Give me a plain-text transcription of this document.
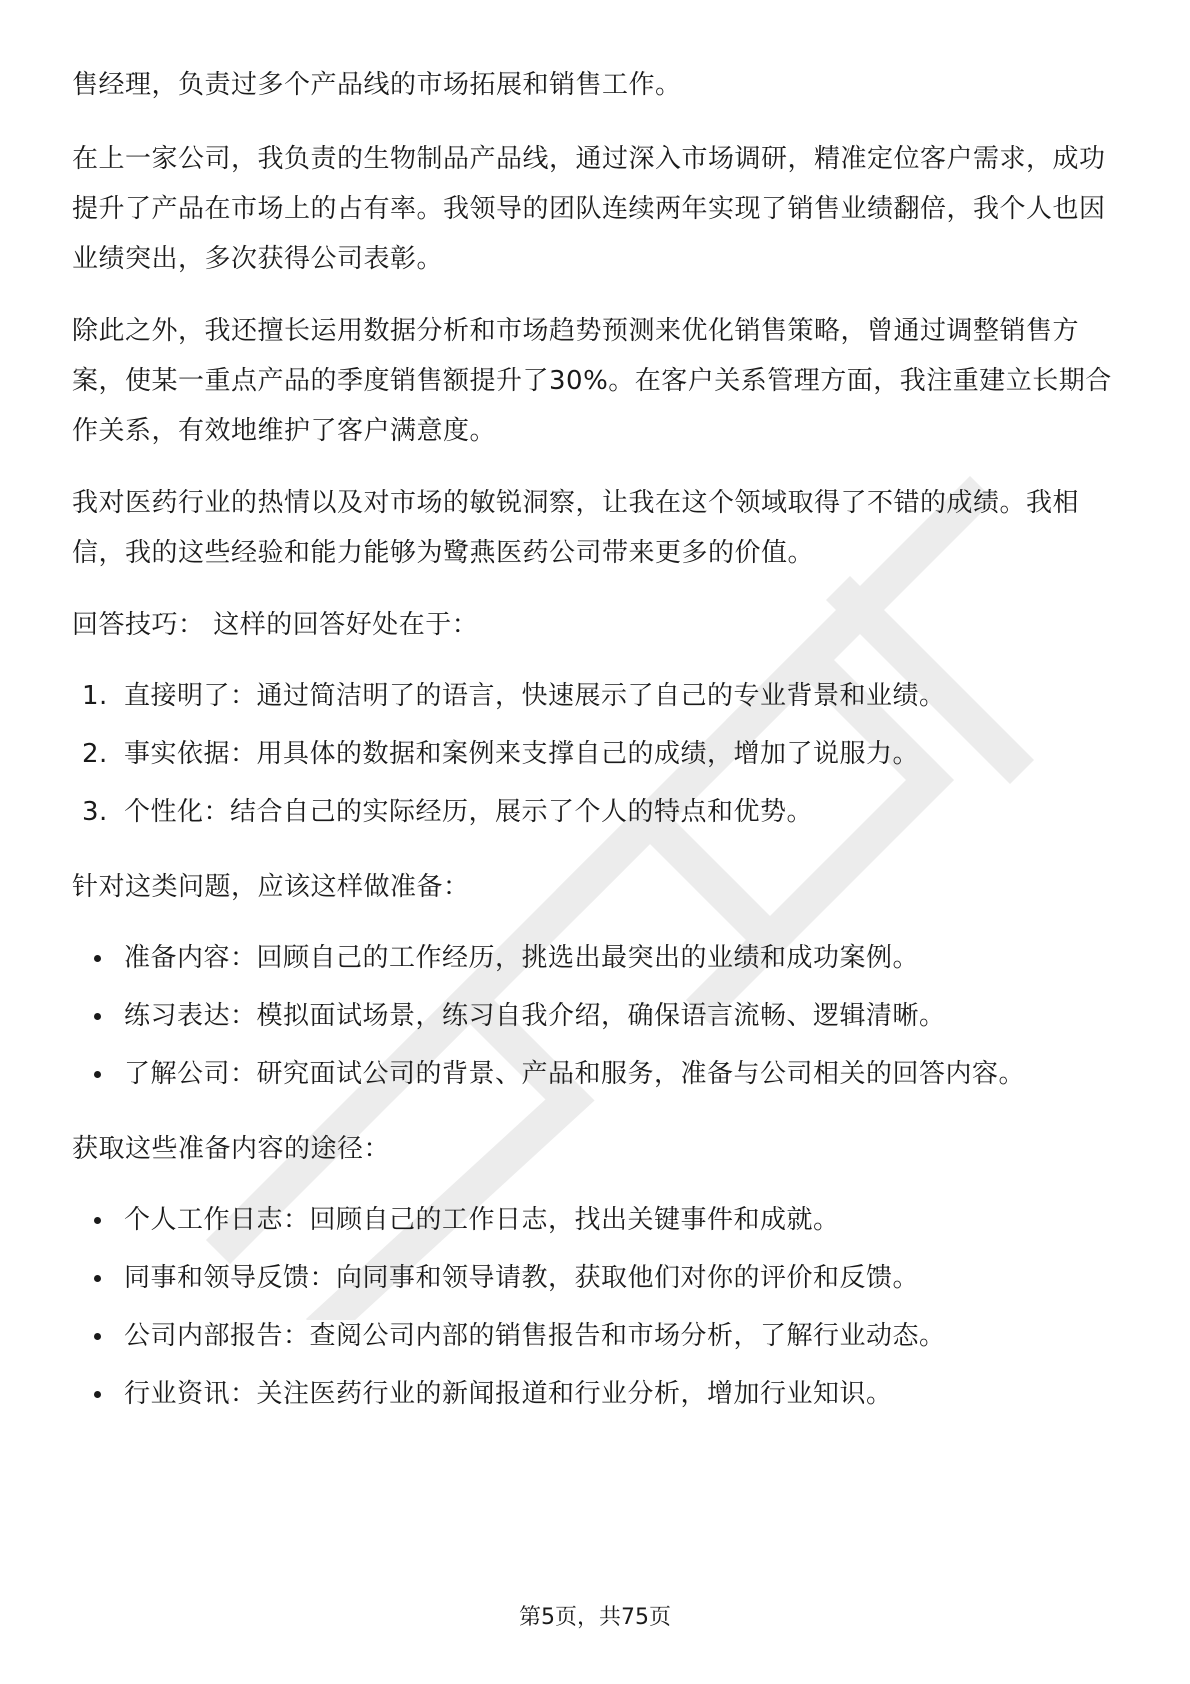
售经理，负责过多个产品线的市场拓展和销售工作。

在上一家公司，我负责的生物制品产品线，通过深入市场调研，精准定位客户需求，成功提升了产品在市场上的占有率。我领导的团队连续两年实现了销售业绩翻倍，我个人也因业绩突出，多次获得公司表彰。

除此之外，我还擅长运用数据分析和市场趋势预测来优化销售策略，曾通过调整销售方案，使某一重点产品的季度销售额提升了30%。在客户关系管理方面，我注重建立长期合作关系，有效地维护了客户满意度。

我对医药行业的热情以及对市场的敏锐洞察，让我在这个领域取得了不错的成绩。我相信，我的这些经验和能力能够为鹭燕医药公司带来更多的价值。

回答技巧： 这样的回答好处在于：

1. 直接明了：通过简洁明了的语言，快速展示了自己的专业背景和业绩。
2. 事实依据：用具体的数据和案例来支撑自己的成绩，增加了说服力。
3. 个性化：结合自己的实际经历，展示了个人的特点和优势。

针对这类问题，应该这样做准备：

准备内容：回顾自己的工作经历，挑选出最突出的业绩和成功案例。
练习表达：模拟面试场景，练习自我介绍，确保语言流畅、逻辑清晰。
了解公司：研究面试公司的背景、产品和服务，准备与公司相关的回答内容。

获取这些准备内容的途径：

个人工作日志：回顾自己的工作日志，找出关键事件和成就。
同事和领导反馈：向同事和领导请教，获取他们对你的评价和反馈。
公司内部报告：查阅公司内部的销售报告和市场分析，了解行业动态。
行业资讯：关注医药行业的新闻报道和行业分析，增加行业知识。
第5页，共75页
